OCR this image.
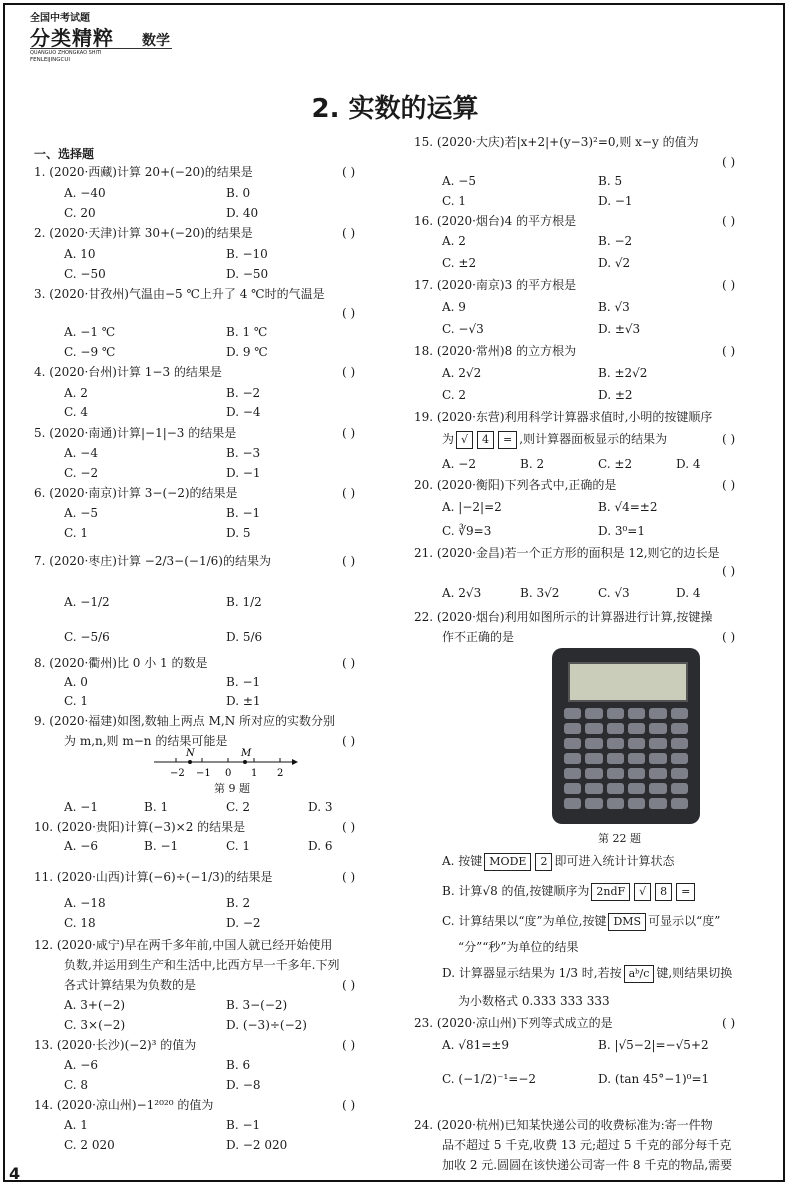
全国中考试题
分类精粹 数学
QUANGUO ZHONGKAO SHITI
FENLEIJINGCUI
2. 实数的运算
一、选择题
1. (2020·西藏)计算 20+(−20)的结果是	( )
A. −40	B. 0
C. 20	D. 40
2. (2020·天津)计算 30+(−20)的结果是	( )
A. 10	B. −10
C. −50	D. −50
3. (2020·甘孜州)气温由−5 ℃上升了 4 ℃时的气温是
( )
A. −1 ℃	B. 1 ℃
C. −9 ℃	D. 9 ℃
4. (2020·台州)计算 1−3 的结果是	( )
A. 2	B. −2
C. 4	D. −4
5. (2020·南通)计算|−1|−3 的结果是	( )
A. −4	B. −3
C. −2	D. −1
6. (2020·南京)计算 3−(−2)的结果是	( )
A. −5	B. −1
C. 1	D. 5
7. (2020·枣庄)计算 −2/3−(−1/6)的结果为	( )
A. −1/2	B. 1/2
C. −5/6	D. 5/6
8. (2020·衢州)比 0 小 1 的数是	( )
A. 0	B. −1
C. 1	D. ±1
9. (2020·福建)如图,数轴上两点 M,N 所对应的实数分别
为 m,n,则 m−n 的结果可能是	( )
N	M
−2 −1 0 1 2
第 9 题
A. −1	B. 1	C. 2	D. 3
10. (2020·贵阳)计算(−3)×2 的结果是	( )
A. −6	B. −1	C. 1	D. 6
11. (2020·山西)计算(−6)÷(−1/3)的结果是	( )
A. −18	B. 2
C. 18	D. −2
12. (2020·咸宁)早在两千多年前,中国人就已经开始使用
负数,并运用到生产和生活中,比西方早一千多年.下列
各式计算结果为负数的是	( )
A. 3+(−2)	B. 3−(−2)
C. 3×(−2)	D. (−3)÷(−2)
13. (2020·长沙)(−2)³ 的值为	( )
A. −6	B. 6
C. 8	D. −8
14. (2020·凉山州)−1²⁰²⁰ 的值为	( )
A. 1	B. −1
C. 2 020	D. −2 020
15. (2020·大庆)若|x+2|+(y−3)²=0,则 x−y 的值为
( )
A. −5	B. 5
C. 1	D. −1
16. (2020·烟台)4 的平方根是	( )
A. 2	B. −2
C. ±2	D. √2
17. (2020·南京)3 的平方根是	( )
A. 9	B. √3
C. −√3	D. ±√3
18. (2020·常州)8 的立方根为	( )
A. 2√2	B. ±2√2
C. 2	D. ±2
19. (2020·东营)利用科学计算器求值时,小明的按键顺序
为 √ 4 = ,则计算器面板显示的结果为	( )
A. −2	B. 2	C. ±2	D. 4
20. (2020·衡阳)下列各式中,正确的是	( )
A. |−2|=2	B. √4=±2
C. ∛9=3	D. 3⁰=1
21. (2020·金昌)若一个正方形的面积是 12,则它的边长是
( )
A. 2√3	B. 3√2	C. √3	D. 4
22. (2020·烟台)利用如图所示的计算器进行计算,按键操
作不正确的是	( )
第 22 题
A. 按键 MODE 2 即可进入统计计算状态
B. 计算√8 的值,按键顺序为 2ndF √ 8 =
C. 计算结果以“度”为单位,按键 DMS 可显示以“度”
“分”“秒”为单位的结果
D. 计算器显示结果为 1/3 时,若按 aᵇ/c 键,则结果切换
为小数格式 0.333 333 333
23. (2020·凉山州)下列等式成立的是	( )
A. √81=±9	B. |√5−2|=−√5+2
C. (−1/2)⁻¹=−2	D. (tan 45°−1)⁰=1
24. (2020·杭州)已知某快递公司的收费标准为:寄一件物
品不超过 5 千克,收费 13 元;超过 5 千克的部分每千克
加收 2 元.圆圆在该快递公司寄一件 8 千克的物品,需要
4
